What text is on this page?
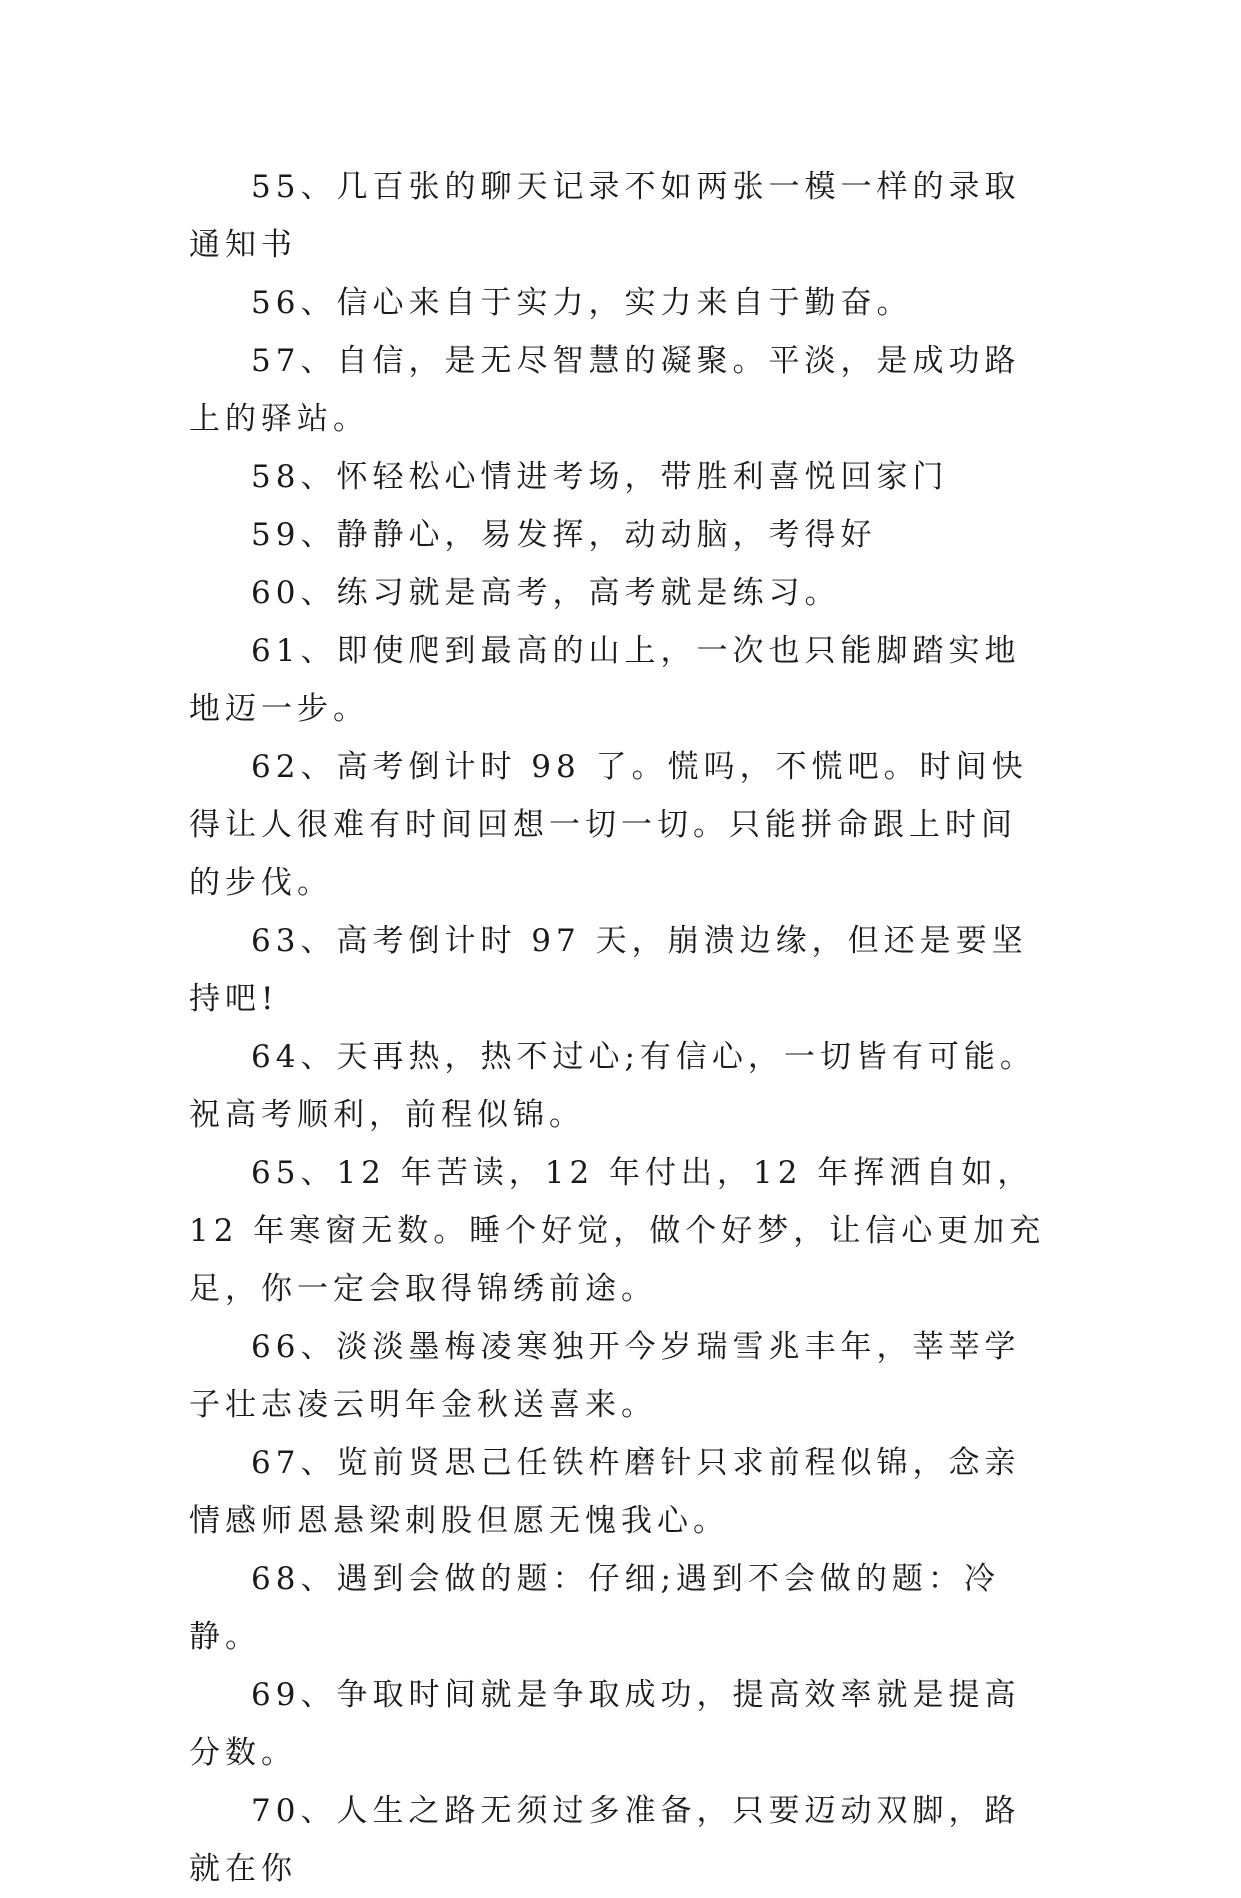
55、几百张的聊天记录不如两张一模一样的录取通知书

56、信心来自于实力，实力来自于勤奋。

57、自信，是无尽智慧的凝聚。平淡，是成功路上的驿站。

58、怀轻松心情进考场，带胜利喜悦回家门

59、静静心，易发挥，动动脑，考得好

60、练习就是高考，高考就是练习。

61、即使爬到最高的山上，一次也只能脚踏实地地迈一步。

62、高考倒计时 98 了。慌吗，不慌吧。时间快得让人很难有时间回想一切一切。只能拼命跟上时间的步伐。

63、高考倒计时 97 天，崩溃边缘，但还是要坚持吧!

64、天再热，热不过心;有信心，一切皆有可能。祝高考顺利，前程似锦。

65、12 年苦读，12 年付出，12 年挥洒自如，12 年寒窗无数。睡个好觉，做个好梦，让信心更加充足，你一定会取得锦绣前途。

66、淡淡墨梅凌寒独开今岁瑞雪兆丰年，莘莘学子壮志凌云明年金秋送喜来。

67、览前贤思己任铁杵磨针只求前程似锦，念亲情感师恩悬梁刺股但愿无愧我心。

68、遇到会做的题：仔细;遇到不会做的题：冷静。

69、争取时间就是争取成功，提高效率就是提高分数。

70、人生之路无须过多准备，只要迈动双脚，路就在你
